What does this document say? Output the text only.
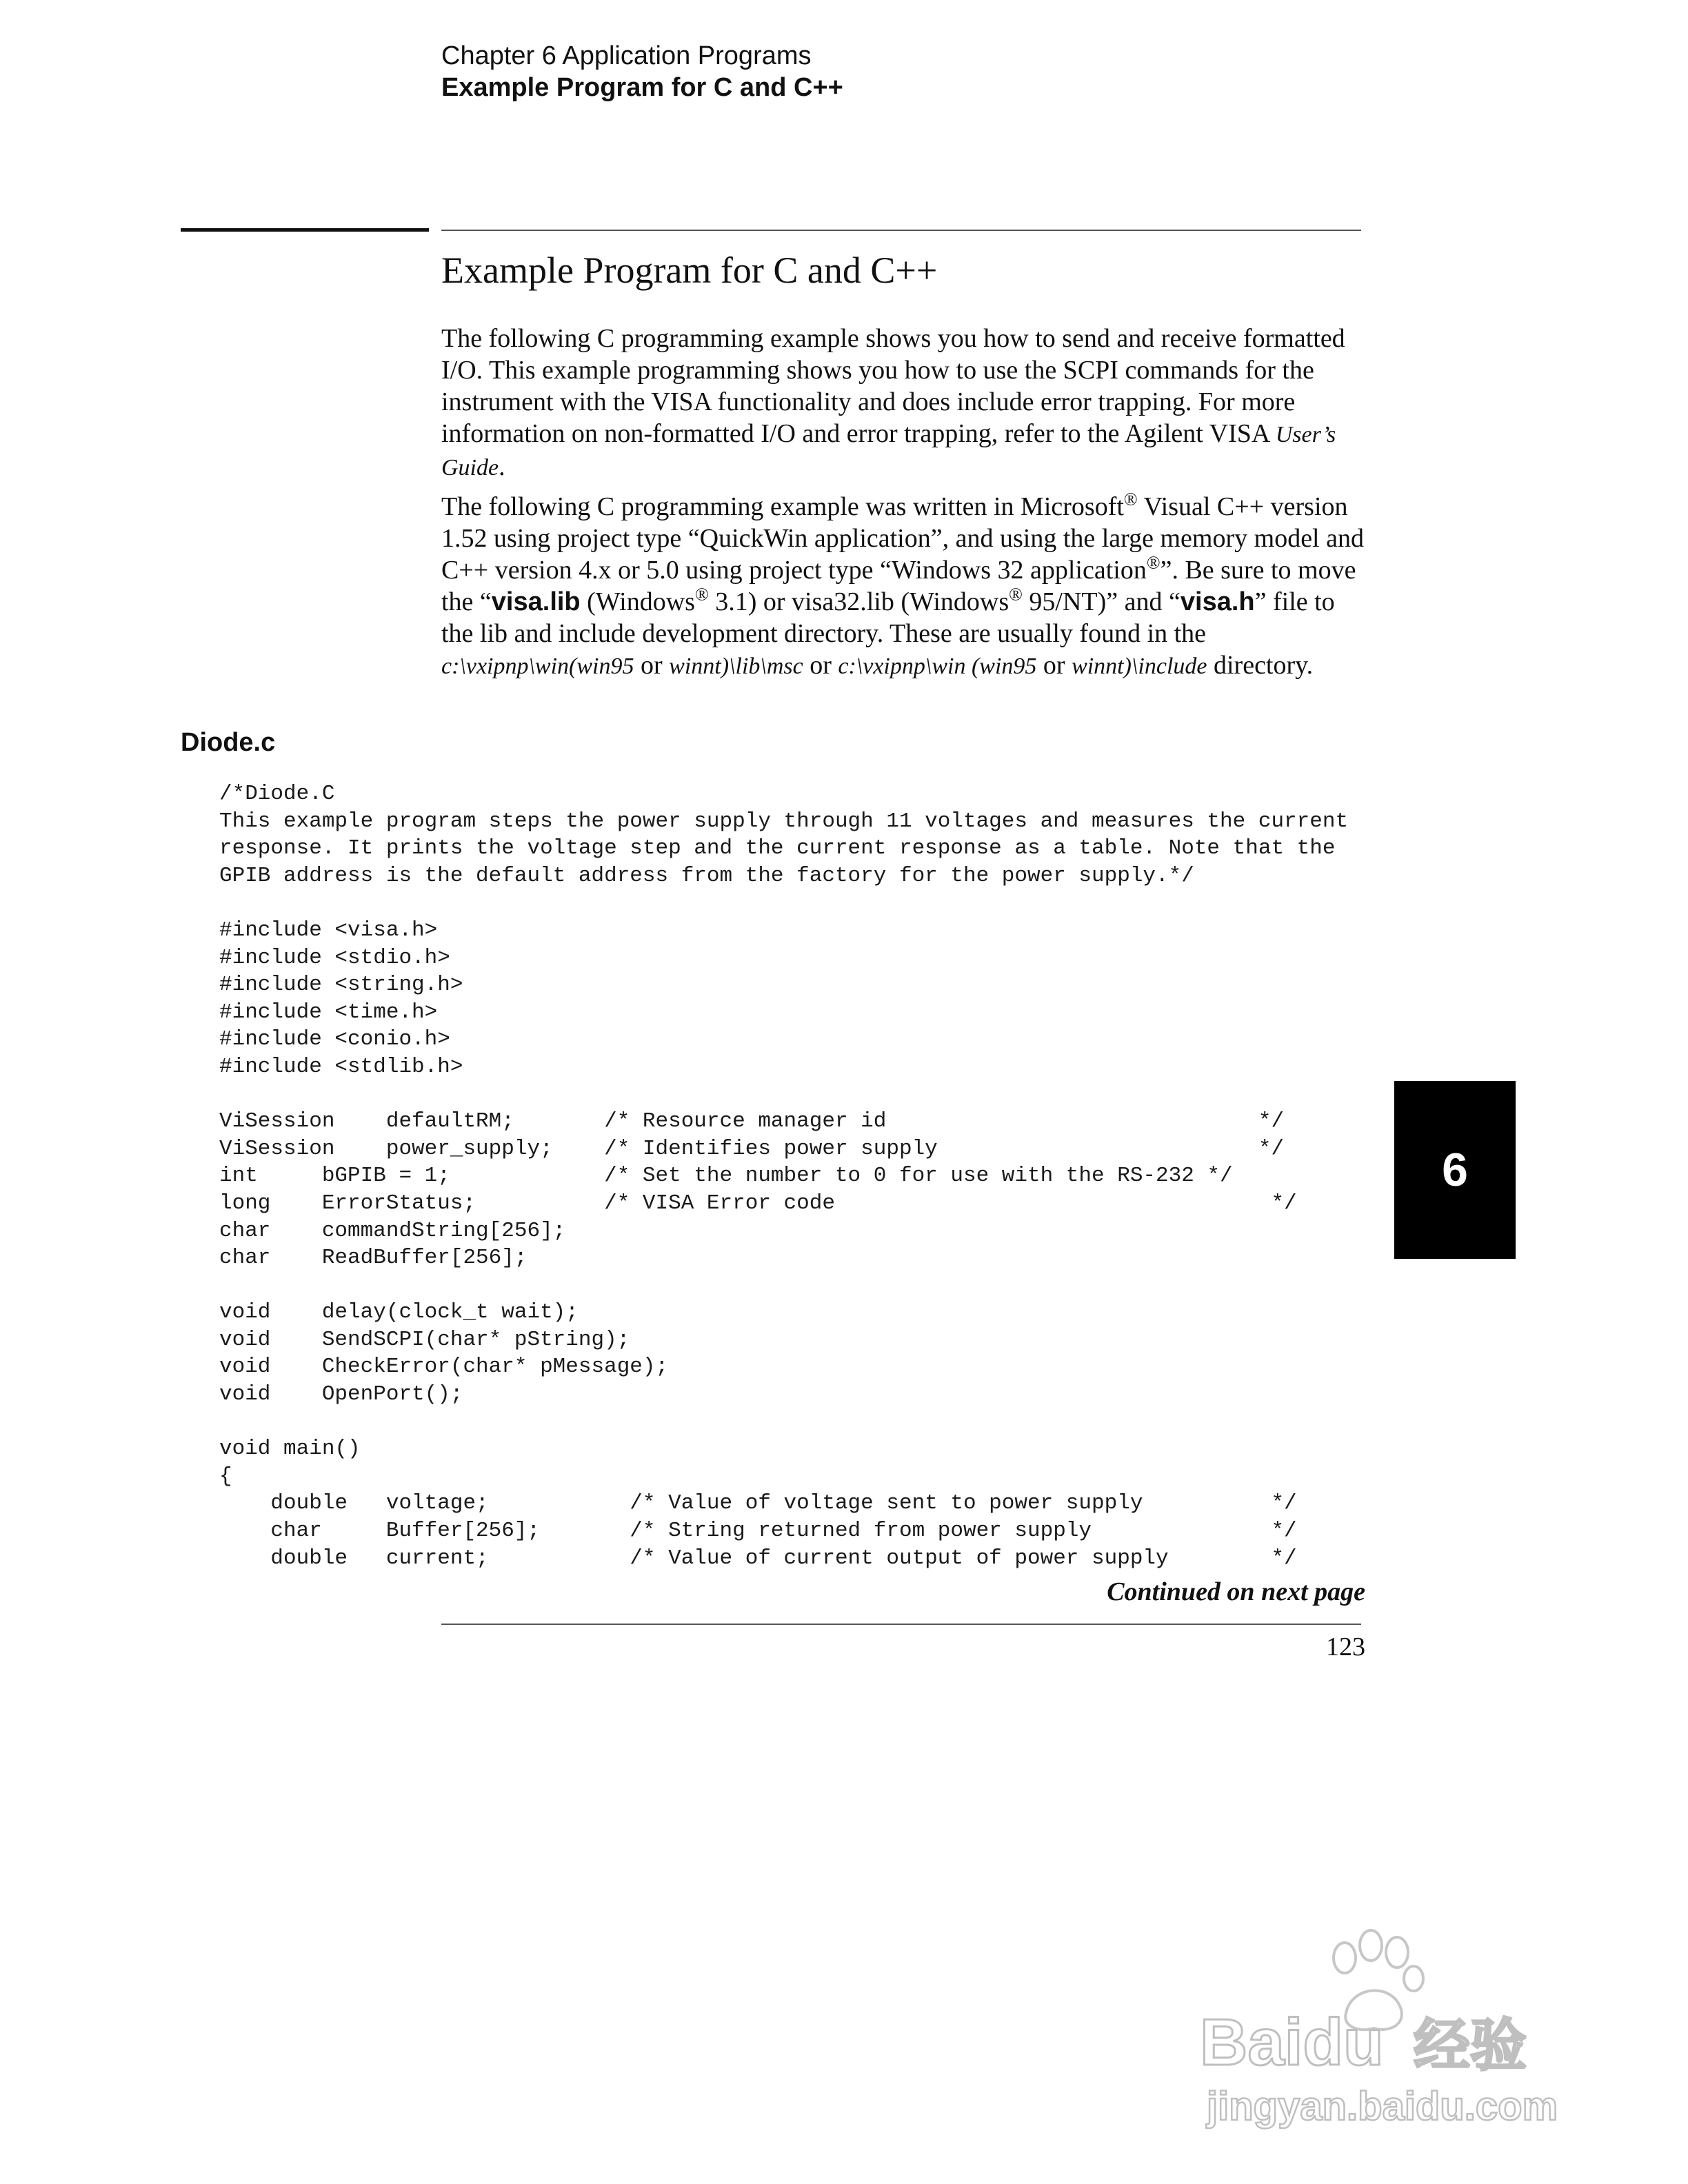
Chapter 6 Application Programs
Example Program for C and C++
Example Program for C and C++

The following C programming example shows you how to send and receive formatted I/O. This example programming shows you how to use the SCPI commands for the instrument with the VISA functionality and does include error trapping. For more information on non-formatted I/O and error trapping, refer to the Agilent VISA User’s Guide.

The following C programming example was written in Microsoft® Visual C++ version 1.52 using project type “QuickWin application”, and using the large memory model and C++ version 4.x or 5.0 using project type “Windows 32 application®”. Be sure to move the “visa.lib (Windows® 3.1) or visa32.lib (Windows® 95/NT)” and “visa.h” file to the lib and include development directory. These are usually found in the c:\vxipnp\win(win95 or winnt)\lib\msc or c:\vxipnp\win (win95 or winnt)\include directory.

Diode.c
/*Diode.C
This example program steps the power supply through 11 voltages and measures the current
response. It prints the voltage step and the current response as a table. Note that the
GPIB address is the default address from the factory for the power supply.*/

#include <visa.h>
#include <stdio.h>
#include <string.h>
#include <time.h>
#include <conio.h>
#include <stdlib.h>

ViSession    defaultRM;       /* Resource manager id                             */
ViSession    power_supply;    /* Identifies power supply                         */
int     bGPIB = 1;            /* Set the number to 0 for use with the RS-232 */
long    ErrorStatus;          /* VISA Error code                                  */
char    commandString[256];
char    ReadBuffer[256];

void    delay(clock_t wait);
void    SendSCPI(char* pString);
void    CheckError(char* pMessage);
void    OpenPort();

void main()
{
double   voltage;           /* Value of voltage sent to power supply          */
char     Buffer[256];       /* String returned from power supply              */
double   current;           /* Value of current output of power supply        */
Continued on next page
123
6
Baidu 经验
jingyan.baidu.com
